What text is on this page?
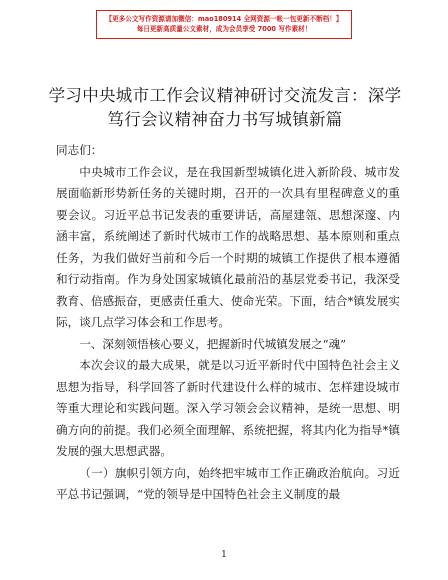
【更多公文写作资源请加微信：mao180914 全网资源一帐一包更新不断档！】
每日更新高质量公文素材，成为会员享受 7000 写作素材！
学习中央城市工作会议精神研讨交流发言：深学笃行会议精神奋力书写城镇新篇

同志们：

中央城市工作会议，是在我国新型城镇化进入新阶段、城市发展面临新形势新任务的关键时期，召开的一次具有里程碑意义的重要会议。习近平总书记发表的重要讲话，高屋建瓴、思想深邃、内涵丰富，系统阐述了新时代城市工作的战略思想、基本原则和重点任务，为我们做好当前和今后一个时期的城镇工作提供了根本遵循和行动指南。作为身处国家城镇化最前沿的基层党委书记，我深受教育、倍感振奋，更感责任重大、使命光荣。下面，结合*镇发展实际，谈几点学习体会和工作思考。

一、深刻领悟核心要义，把握新时代城镇发展之“魂”

本次会议的最大成果，就是以习近平新时代中国特色社会主义思想为指导，科学回答了新时代建设什么样的城市、怎样建设城市等重大理论和实践问题。深入学习领会会议精神，是统一思想、明确方向的前提。我们必须全面理解、系统把握，将其内化为指导*镇发展的强大思想武器。

（一）旗帜引领方向，始终把牢城市工作正确政治航向。习近平总书记强调，“党的领导是中国特色社会主义制度的最

1
